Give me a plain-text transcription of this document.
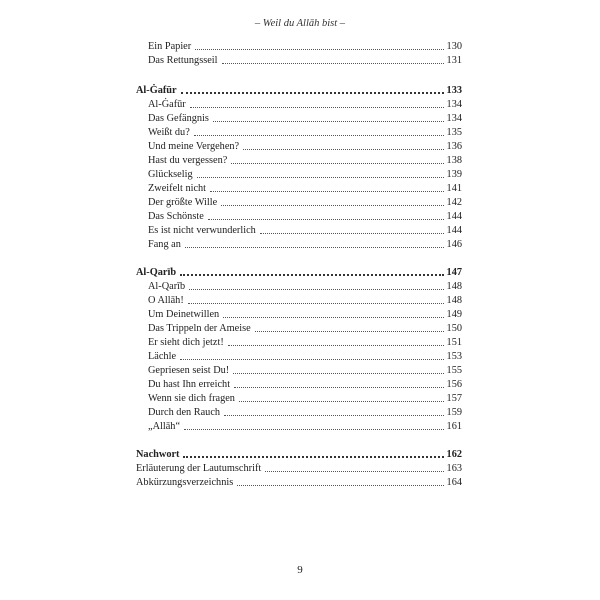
– Weil du Allāh bist –
Ein Papier	130
Das Rettungsseil	131
Al-Ġafūr	133
Al-Ġafūr	134
Das Gefängnis	134
Weißt du?	135
Und meine Vergehen?	136
Hast du vergessen?	138
Glückselig	139
Zweifelt nicht	141
Der größte Wille	142
Das Schönste	144
Es ist nicht verwunderlich	144
Fang an	146
Al-Qarīb	147
Al-Qarīb	148
O Allāh!	148
Um Deinetwillen	149
Das Trippeln der Ameise	150
Er sieht dich jetzt!	151
Lächle	153
Gepriesen seist Du!	155
Du hast Ihn erreicht	156
Wenn sie dich fragen	157
Durch den Rauch	159
„Allāh“	161
Nachwort	162
Erläuterung der Lautumschrift	163
Abkürzungsverzeichnis	164
9
